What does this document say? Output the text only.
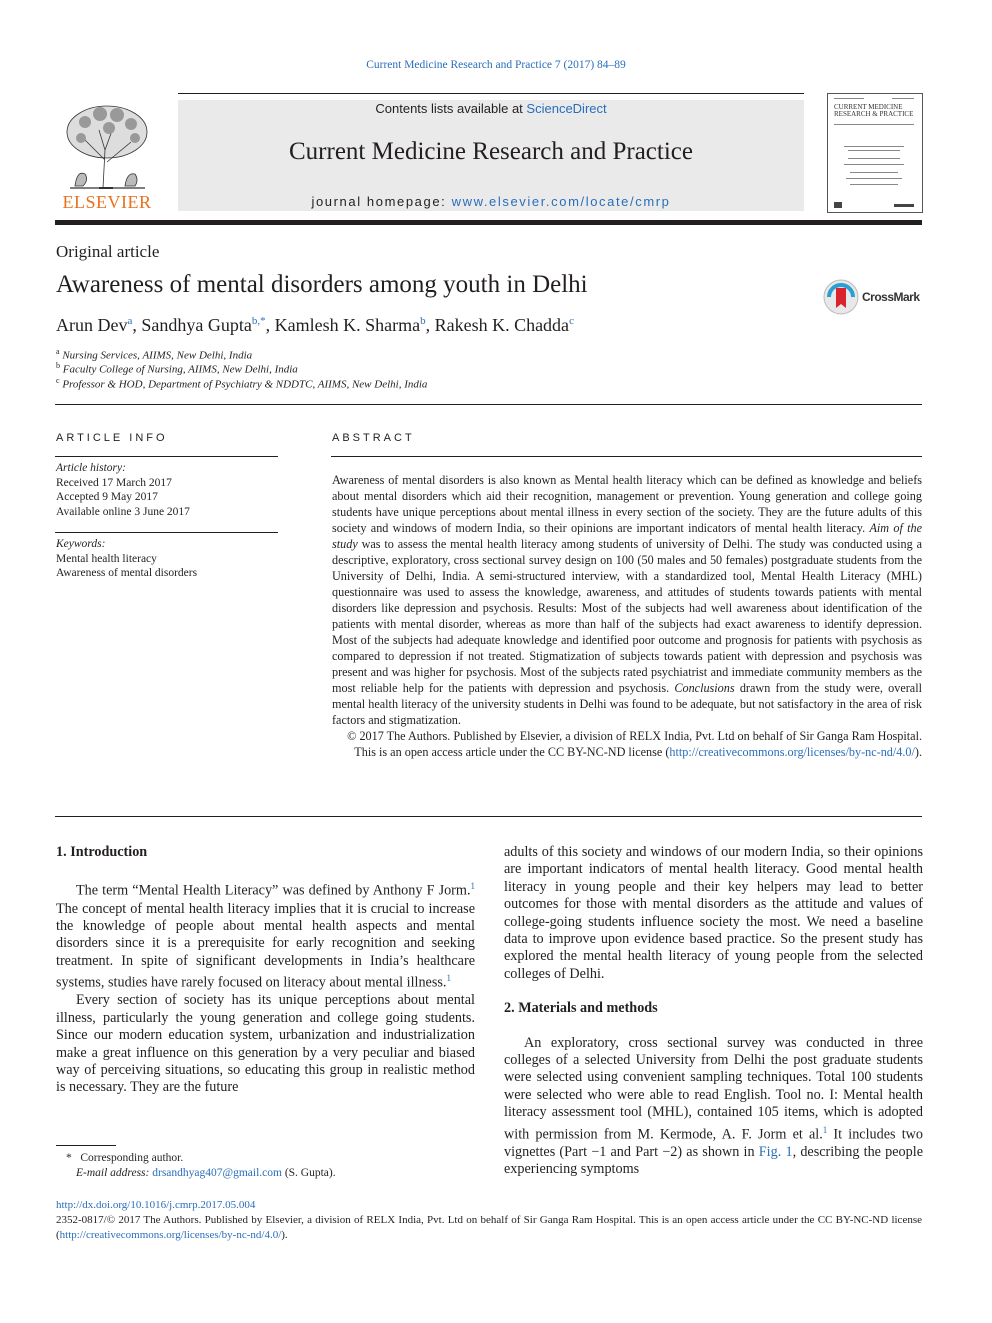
Current Medicine Research and Practice 7 (2017) 84–89
ELSEVIER
Contents lists available at ScienceDirect
Current Medicine Research and Practice
journal homepage: www.elsevier.com/locate/cmrp
CURRENT MEDICINE
RESEARCH & PRACTICE
Original article
Awareness of mental disorders among youth in Delhi	CrossMark
Arun Dev$^a$, Sandhya Gupta$^{b,*}$, Kamlesh K. Sharma$^b$, Rakesh K. Chadda$^c$
$^a$ Nursing Services, AIIMS, New Delhi, India
$^b$ Faculty College of Nursing, AIIMS, New Delhi, India
$^c$ Professor & HOD, Department of Psychiatry & NDDTC, AIIMS, New Delhi, India
ARTICLE INFO
Article history:
Received 17 March 2017
Accepted 9 May 2017
Available online 3 June 2017
Keywords:
Mental health literacy
Awareness of mental disorders
ABSTRACT

Awareness of mental disorders is also known as Mental health literacy which can be defined as knowledge and beliefs about mental disorders which aid their recognition, management or prevention. Young generation and college going students have unique perceptions about mental illness in every section of the society. They are the future adults of this society and windows of modern India, so their opinions are important indicators of mental health literacy. Aim of the study was to assess the mental health literacy among students of university of Delhi. The study was conducted using a descriptive, exploratory, cross sectional survey design on 100 (50 males and 50 females) postgraduate students from the University of Delhi, India. A semi-structured interview, with a standardized tool, Mental Health Literacy (MHL) questionnaire was used to assess the knowledge, awareness, and attitudes of students towards patients with mental disorders like depression and psychosis. Results: Most of the subjects had well awareness about identification of the patients with mental disorder, whereas as more than half of the subjects had exact awareness to identify depression. Most of the subjects had adequate knowledge and identified poor outcome and prognosis for patients with psychosis as compared to depression if not treated. Stigmatization of subjects towards patient with depression and psychosis was present and was higher for psychosis. Most of the subjects rated psychiatrist and immediate community members as the most reliable help for the patients with depression and psychosis. Conclusions drawn from the study were, overall mental health literacy of the university students in Delhi was found to be adequate, but not satisfactory in the area of risk factors and stigmatization.

© 2017 The Authors. Published by Elsevier, a division of RELX India, Pvt. Ltd on behalf of Sir Ganga Ram Hospital. This is an open access article under the CC BY-NC-ND license (http://creativecommons.org/licenses/by-nc-nd/4.0/).

1. Introduction

The term “Mental Health Literacy” was defined by Anthony F Jorm.$^1$ The concept of mental health literacy implies that it is crucial to increase the knowledge of people about mental health aspects and mental disorders since it is a prerequisite for early recognition and seeking treatment. In spite of significant developments in India’s healthcare systems, studies have rarely focused on literacy about mental illness.$^1$

Every section of society has its unique perceptions about mental illness, particularly the young generation and college going students. Since our modern education system, urbanization and industrialization make a great influence on this generation by a very peculiar and biased way of perceiving situations, so educating this group in realistic method is necessary. They are the future

adults of this society and windows of our modern India, so their opinions are important indicators of mental health literacy. Good mental health literacy in young people and their key helpers may lead to better outcomes for those with mental disorders as the attitude and values of college-going students influence society the most. We need a baseline data to improve upon evidence based practice. So the present study has explored the mental health literacy of young people from the selected colleges of Delhi.

2. Materials and methods

An exploratory, cross sectional survey was conducted in three colleges of a selected University from Delhi the post graduate students were selected using convenient sampling techniques. Total 100 students were selected who were able to read English. Tool no. I: Mental health literacy assessment tool (MHL), contained 105 items, which is adopted with permission from M. Kermode, A. F. Jorm et al.$^1$ It includes two vignettes (Part −1 and Part −2) as shown in Fig. 1, describing the people experiencing symptoms

* Corresponding author.
E-mail address: drsandhyag407@gmail.com (S. Gupta).
http://dx.doi.org/10.1016/j.cmrp.2017.05.004
2352-0817/© 2017 The Authors. Published by Elsevier, a division of RELX India, Pvt. Ltd on behalf of Sir Ganga Ram Hospital. This is an open access article under the CC BY-NC-ND license (http://creativecommons.org/licenses/by-nc-nd/4.0/).
